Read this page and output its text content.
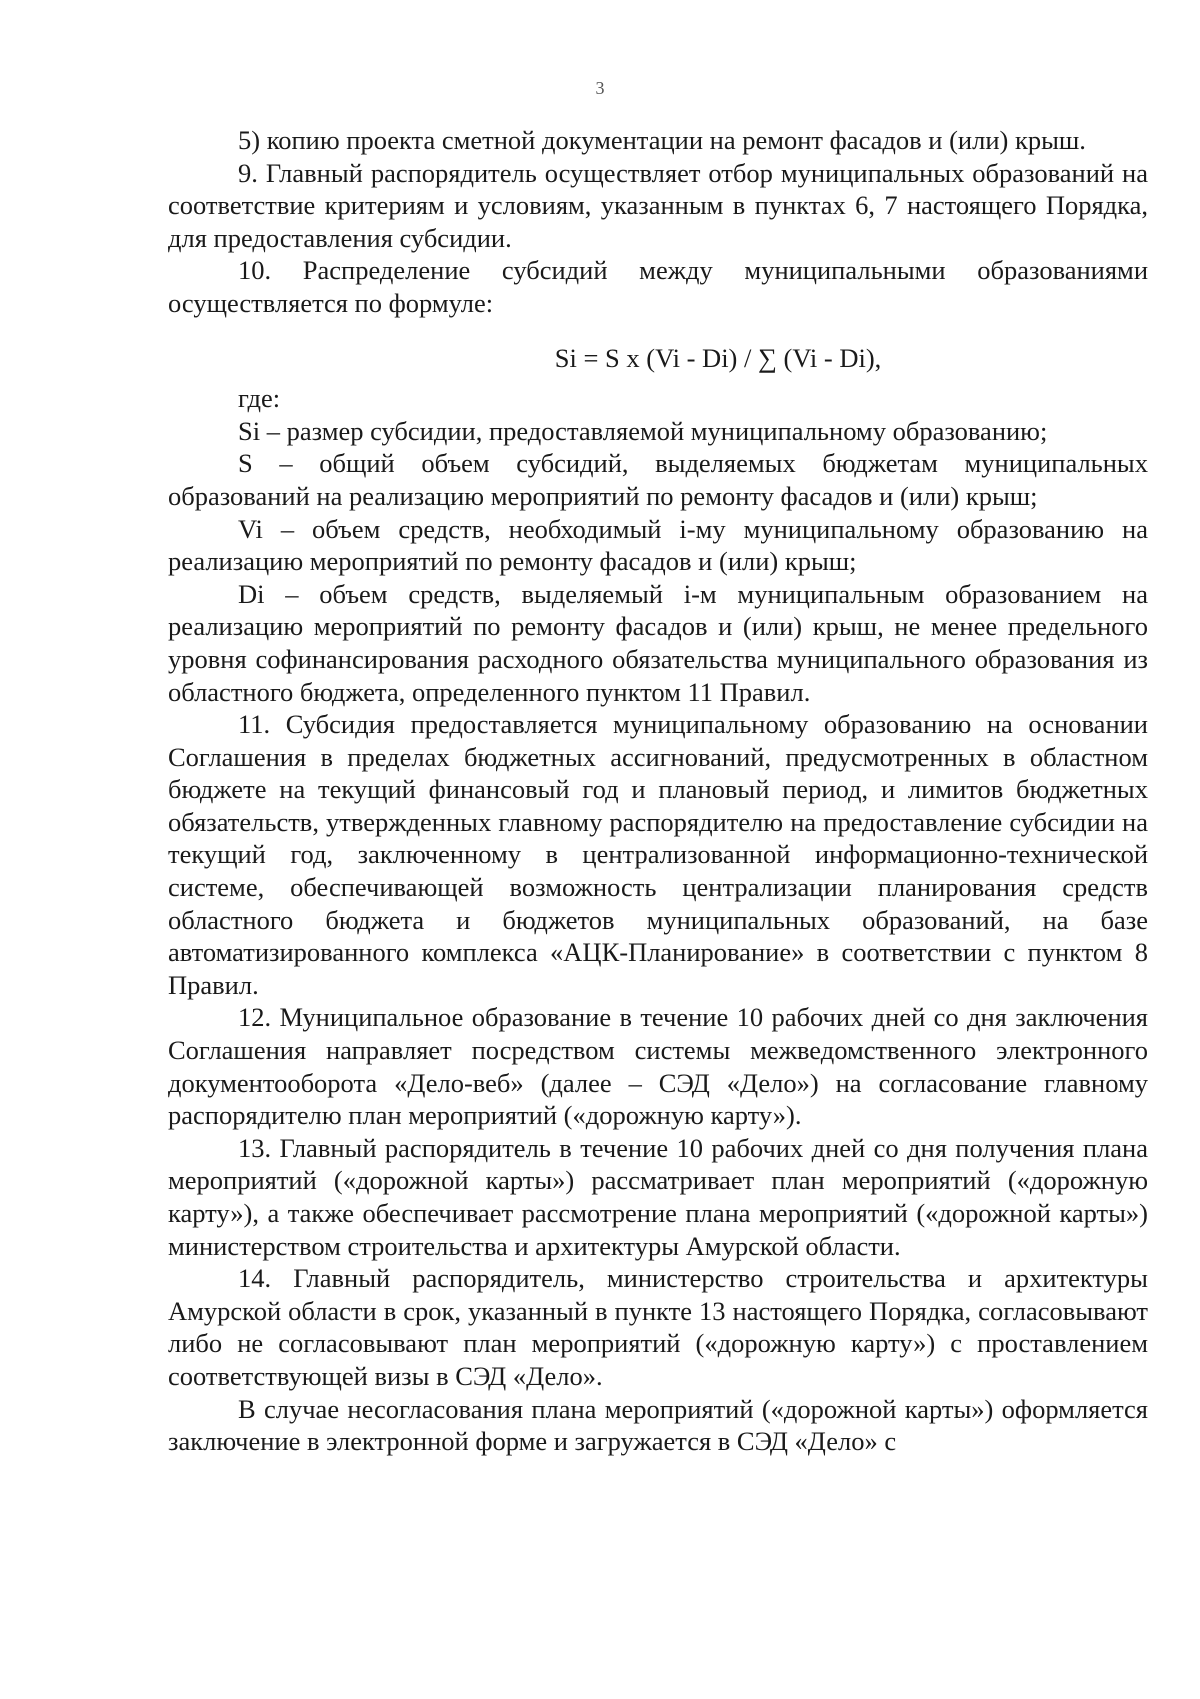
3

5) копию проекта сметной документации на ремонт фасадов и (или) крыш.

9. Главный распорядитель осуществляет отбор муниципальных образований на соответствие критериям и условиям, указанным в пунктах 6, 7 настоящего Порядка, для предоставления субсидии.

10. Распределение субсидий между муниципальными образованиями осуществляется по формуле:

Si = S x (Vi - Di) / ∑ (Vi - Di),

где:

Si – размер субсидии, предоставляемой муниципальному образованию;

S – общий объем субсидий, выделяемых бюджетам муниципальных образований на реализацию мероприятий по ремонту фасадов и (или) крыш;

Vi – объем средств, необходимый i-му муниципальному образованию на реализацию мероприятий по ремонту фасадов и (или) крыш;

Di – объем средств, выделяемый i-м муниципальным образованием на реализацию мероприятий по ремонту фасадов и (или) крыш, не менее предельного уровня софинансирования расходного обязательства муниципального образования из областного бюджета, определенного пунктом 11 Правил.

11. Субсидия предоставляется муниципальному образованию на основании Соглашения в пределах бюджетных ассигнований, предусмотренных в областном бюджете на текущий финансовый год и плановый период, и лимитов бюджетных обязательств, утвержденных главному распорядителю на предоставление субсидии на текущий год, заключенному в централизованной информационно-технической системе, обеспечивающей возможность централизации планирования средств областного бюджета и бюджетов муниципальных образований, на базе автоматизированного комплекса «АЦК-Планирование» в соответствии с пунктом 8 Правил.

12. Муниципальное образование в течение 10 рабочих дней со дня заключения Соглашения направляет посредством системы межведомственного электронного документооборота «Дело-веб» (далее – СЭД «Дело») на согласование главному распорядителю план мероприятий («дорожную карту»).

13. Главный распорядитель в течение 10 рабочих дней со дня получения плана мероприятий («дорожной карты») рассматривает план мероприятий («дорожную карту»), а также обеспечивает рассмотрение плана мероприятий («дорожной карты») министерством строительства и архитектуры Амурской области.

14. Главный распорядитель, министерство строительства и архитектуры Амурской области в срок, указанный в пункте 13 настоящего Порядка, согласовывают либо не согласовывают план мероприятий («дорожную карту») с проставлением соответствующей визы в СЭД «Дело».

В случае несогласования плана мероприятий («дорожной карты») оформляется заключение в электронной форме и загружается в СЭД «Дело» с
